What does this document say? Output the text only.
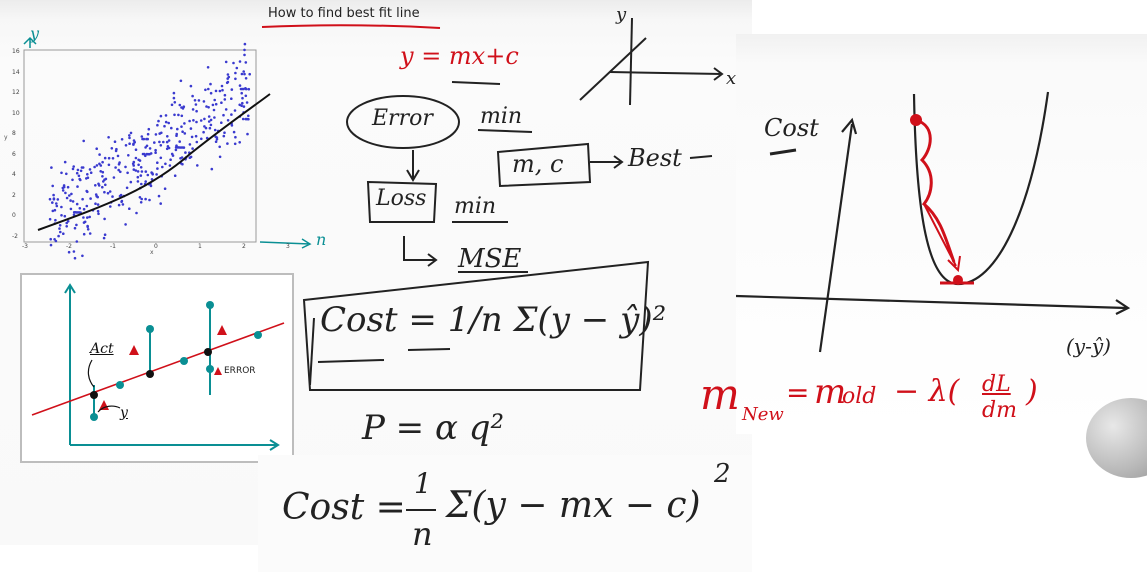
How to find best fit line
y
n
y
x
16
14
12
10
8
6
4
2
0
-2
-3	-2	-1	0	1	2	3
Act
y
ERROR
y = mx+c
y
x
Error min
m, c	Best
Loss min
MSE
Cost = 1/n Σ(y − ŷ)²
P = α q²
Cost
(y-ŷ)
m New
= m
old − λ( dL
dm
)
Cost =
1
n
Σ(y − mx − c)
2
